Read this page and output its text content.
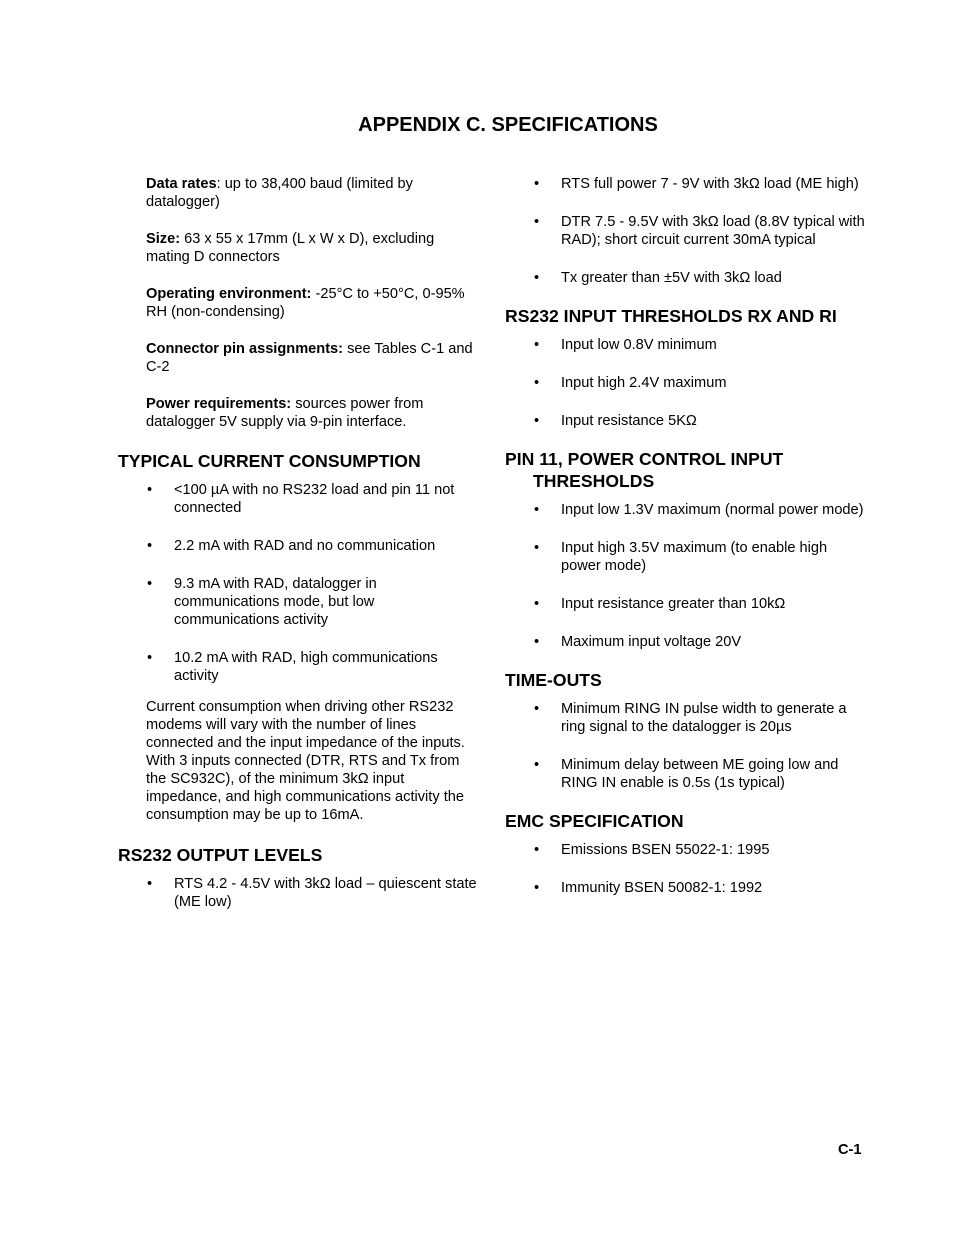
APPENDIX C. SPECIFICATIONS

Data rates: up to 38,400 baud (limited by datalogger)

Size: 63 x 55 x 17mm (L x W x D), excluding mating D connectors

Operating environment: -25°C to +50°C, 0-95% RH (non-condensing)

Connector pin assignments: see Tables C-1 and C-2

Power requirements: sources power from datalogger 5V supply via 9-pin interface.

TYPICAL CURRENT CONSUMPTION
• <100 µA with no RS232 load and pin 11 not connected
• 2.2 mA with RAD and no communication
• 9.3 mA with RAD, datalogger in communications mode, but low communications activity
• 10.2 mA with RAD, high communications activity

Current consumption when driving other RS232 modems will vary with the number of lines connected and the input impedance of the inputs. With 3 inputs connected (DTR, RTS and Tx from the SC932C), of the minimum 3kΩ input impedance, and high communications activity the consumption may be up to 16mA.

RS232 OUTPUT LEVELS
• RTS 4.2 - 4.5V with 3kΩ load – quiescent state (ME low)
• RTS full power 7 - 9V with 3kΩ load (ME high)
• DTR 7.5 - 9.5V with 3kΩ load (8.8V typical with RAD); short circuit current 30mA typical
• Tx greater than ±5V with 3kΩ load
RS232 INPUT THRESHOLDS RX AND RI
• Input low 0.8V minimum
• Input high 2.4V maximum
• Input resistance 5KΩ
PIN 11, POWER CONTROL INPUT THRESHOLDS
• Input low 1.3V maximum (normal power mode)
• Input high 3.5V maximum (to enable high power mode)
• Input resistance greater than 10kΩ
• Maximum input voltage 20V
TIME-OUTS
• Minimum RING IN pulse width to generate a ring signal to the datalogger is 20µs
• Minimum delay between ME going low and RING IN enable is 0.5s (1s typical)
EMC SPECIFICATION
• Emissions BSEN 55022-1: 1995
• Immunity BSEN 50082-1: 1992
C-1
